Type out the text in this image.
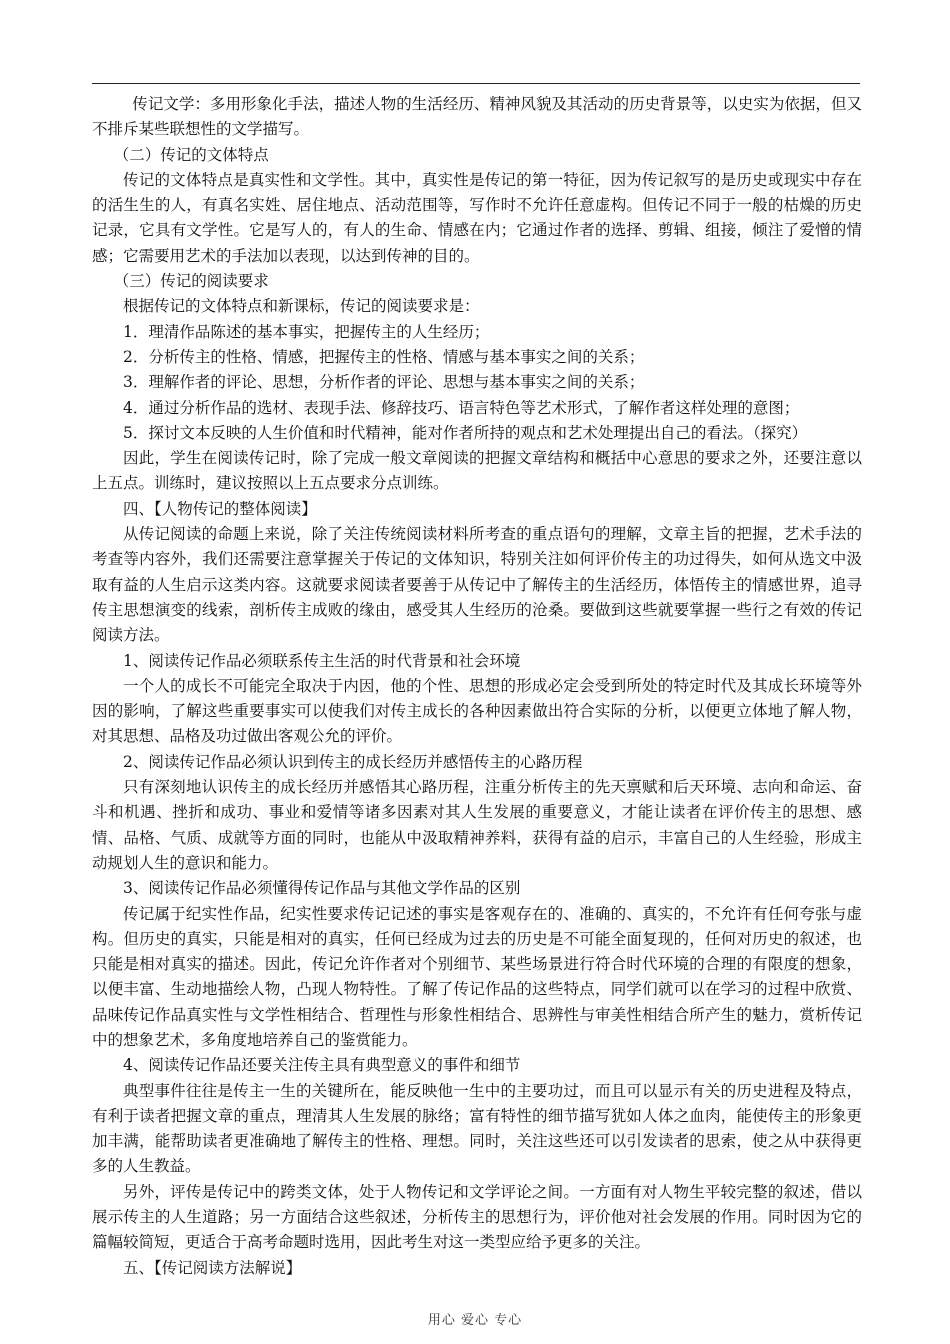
传记文学：多用形象化手法，描述人物的生活经历、精神风貌及其活动的历史背景等，以史实为依据，但又不排斥某些联想性的文学描写。

（二）传记的文体特点

传记的文体特点是真实性和文学性。其中，真实性是传记的第一特征，因为传记叙写的是历史或现实中存在的活生生的人，有真名实姓、居住地点、活动范围等，写作时不允许任意虚构。但传记不同于一般的枯燥的历史记录，它具有文学性。它是写人的，有人的生命、情感在内；它通过作者的选择、剪辑、组接，倾注了爱憎的情感；它需要用艺术的手法加以表现，以达到传神的目的。

（三）传记的阅读要求

根据传记的文体特点和新课标，传记的阅读要求是：

1．理清作品陈述的基本事实，把握传主的人生经历；

2．分析传主的性格、情感，把握传主的性格、情感与基本事实之间的关系；

3．理解作者的评论、思想，分析作者的评论、思想与基本事实之间的关系；

4．通过分析作品的选材、表现手法、修辞技巧、语言特色等艺术形式，了解作者这样处理的意图；

5．探讨文本反映的人生价值和时代精神，能对作者所持的观点和艺术处理提出自己的看法。（探究）

因此，学生在阅读传记时，除了完成一般文章阅读的把握文章结构和概括中心意思的要求之外，还要注意以上五点。训练时，建议按照以上五点要求分点训练。

四、【人物传记的整体阅读】

从传记阅读的命题上来说，除了关注传统阅读材料所考查的重点语句的理解，文章主旨的把握，艺术手法的考查等内容外，我们还需要注意掌握关于传记的文体知识，特别关注如何评价传主的功过得失，如何从选文中汲取有益的人生启示这类内容。这就要求阅读者要善于从传记中了解传主的生活经历，体悟传主的情感世界，追寻传主思想演变的线索，剖析传主成败的缘由，感受其人生经历的沧桑。要做到这些就要掌握一些行之有效的传记阅读方法。

1、阅读传记作品必须联系传主生活的时代背景和社会环境

一个人的成长不可能完全取决于内因，他的个性、思想的形成必定会受到所处的特定时代及其成长环境等外因的影响，了解这些重要事实可以使我们对传主成长的各种因素做出符合实际的分析，以便更立体地了解人物，对其思想、品格及功过做出客观公允的评价。

2、阅读传记作品必须认识到传主的成长经历并感悟传主的心路历程

只有深刻地认识传主的成长经历并感悟其心路历程，注重分析传主的先天禀赋和后天环境、志向和命运、奋斗和机遇、挫折和成功、事业和爱情等诸多因素对其人生发展的重要意义，才能让读者在评价传主的思想、感情、品格、气质、成就等方面的同时，也能从中汲取精神养料，获得有益的启示，丰富自己的人生经验，形成主动规划人生的意识和能力。

3、阅读传记作品必须懂得传记作品与其他文学作品的区别

传记属于纪实性作品，纪实性要求传记记述的事实是客观存在的、准确的、真实的，不允许有任何夸张与虚构。但历史的真实，只能是相对的真实，任何已经成为过去的历史是不可能全面复现的，任何对历史的叙述，也只能是相对真实的描述。因此，传记允许作者对个别细节、某些场景进行符合时代环境的合理的有限度的想象，以便丰富、生动地描绘人物，凸现人物特性。了解了传记作品的这些特点，同学们就可以在学习的过程中欣赏、品味传记作品真实性与文学性相结合、哲理性与形象性相结合、思辨性与审美性相结合所产生的魅力，赏析传记中的想象艺术，多角度地培养自己的鉴赏能力。

4、阅读传记作品还要关注传主具有典型意义的事件和细节

典型事件往往是传主一生的关键所在，能反映他一生中的主要功过，而且可以显示有关的历史进程及特点，有利于读者把握文章的重点，理清其人生发展的脉络；富有特性的细节描写犹如人体之血肉，能使传主的形象更加丰满，能帮助读者更准确地了解传主的性格、理想。同时，关注这些还可以引发读者的思索，使之从中获得更多的人生教益。

另外，评传是传记中的跨类文体，处于人物传记和文学评论之间。一方面有对人物生平较完整的叙述，借以展示传主的人生道路；另一方面结合这些叙述，分析传主的思想行为，评价他对社会发展的作用。同时因为它的篇幅较简短，更适合于高考命题时选用，因此考生对这一类型应给予更多的关注。

五、【传记阅读方法解说】

用心 爱心 专心
